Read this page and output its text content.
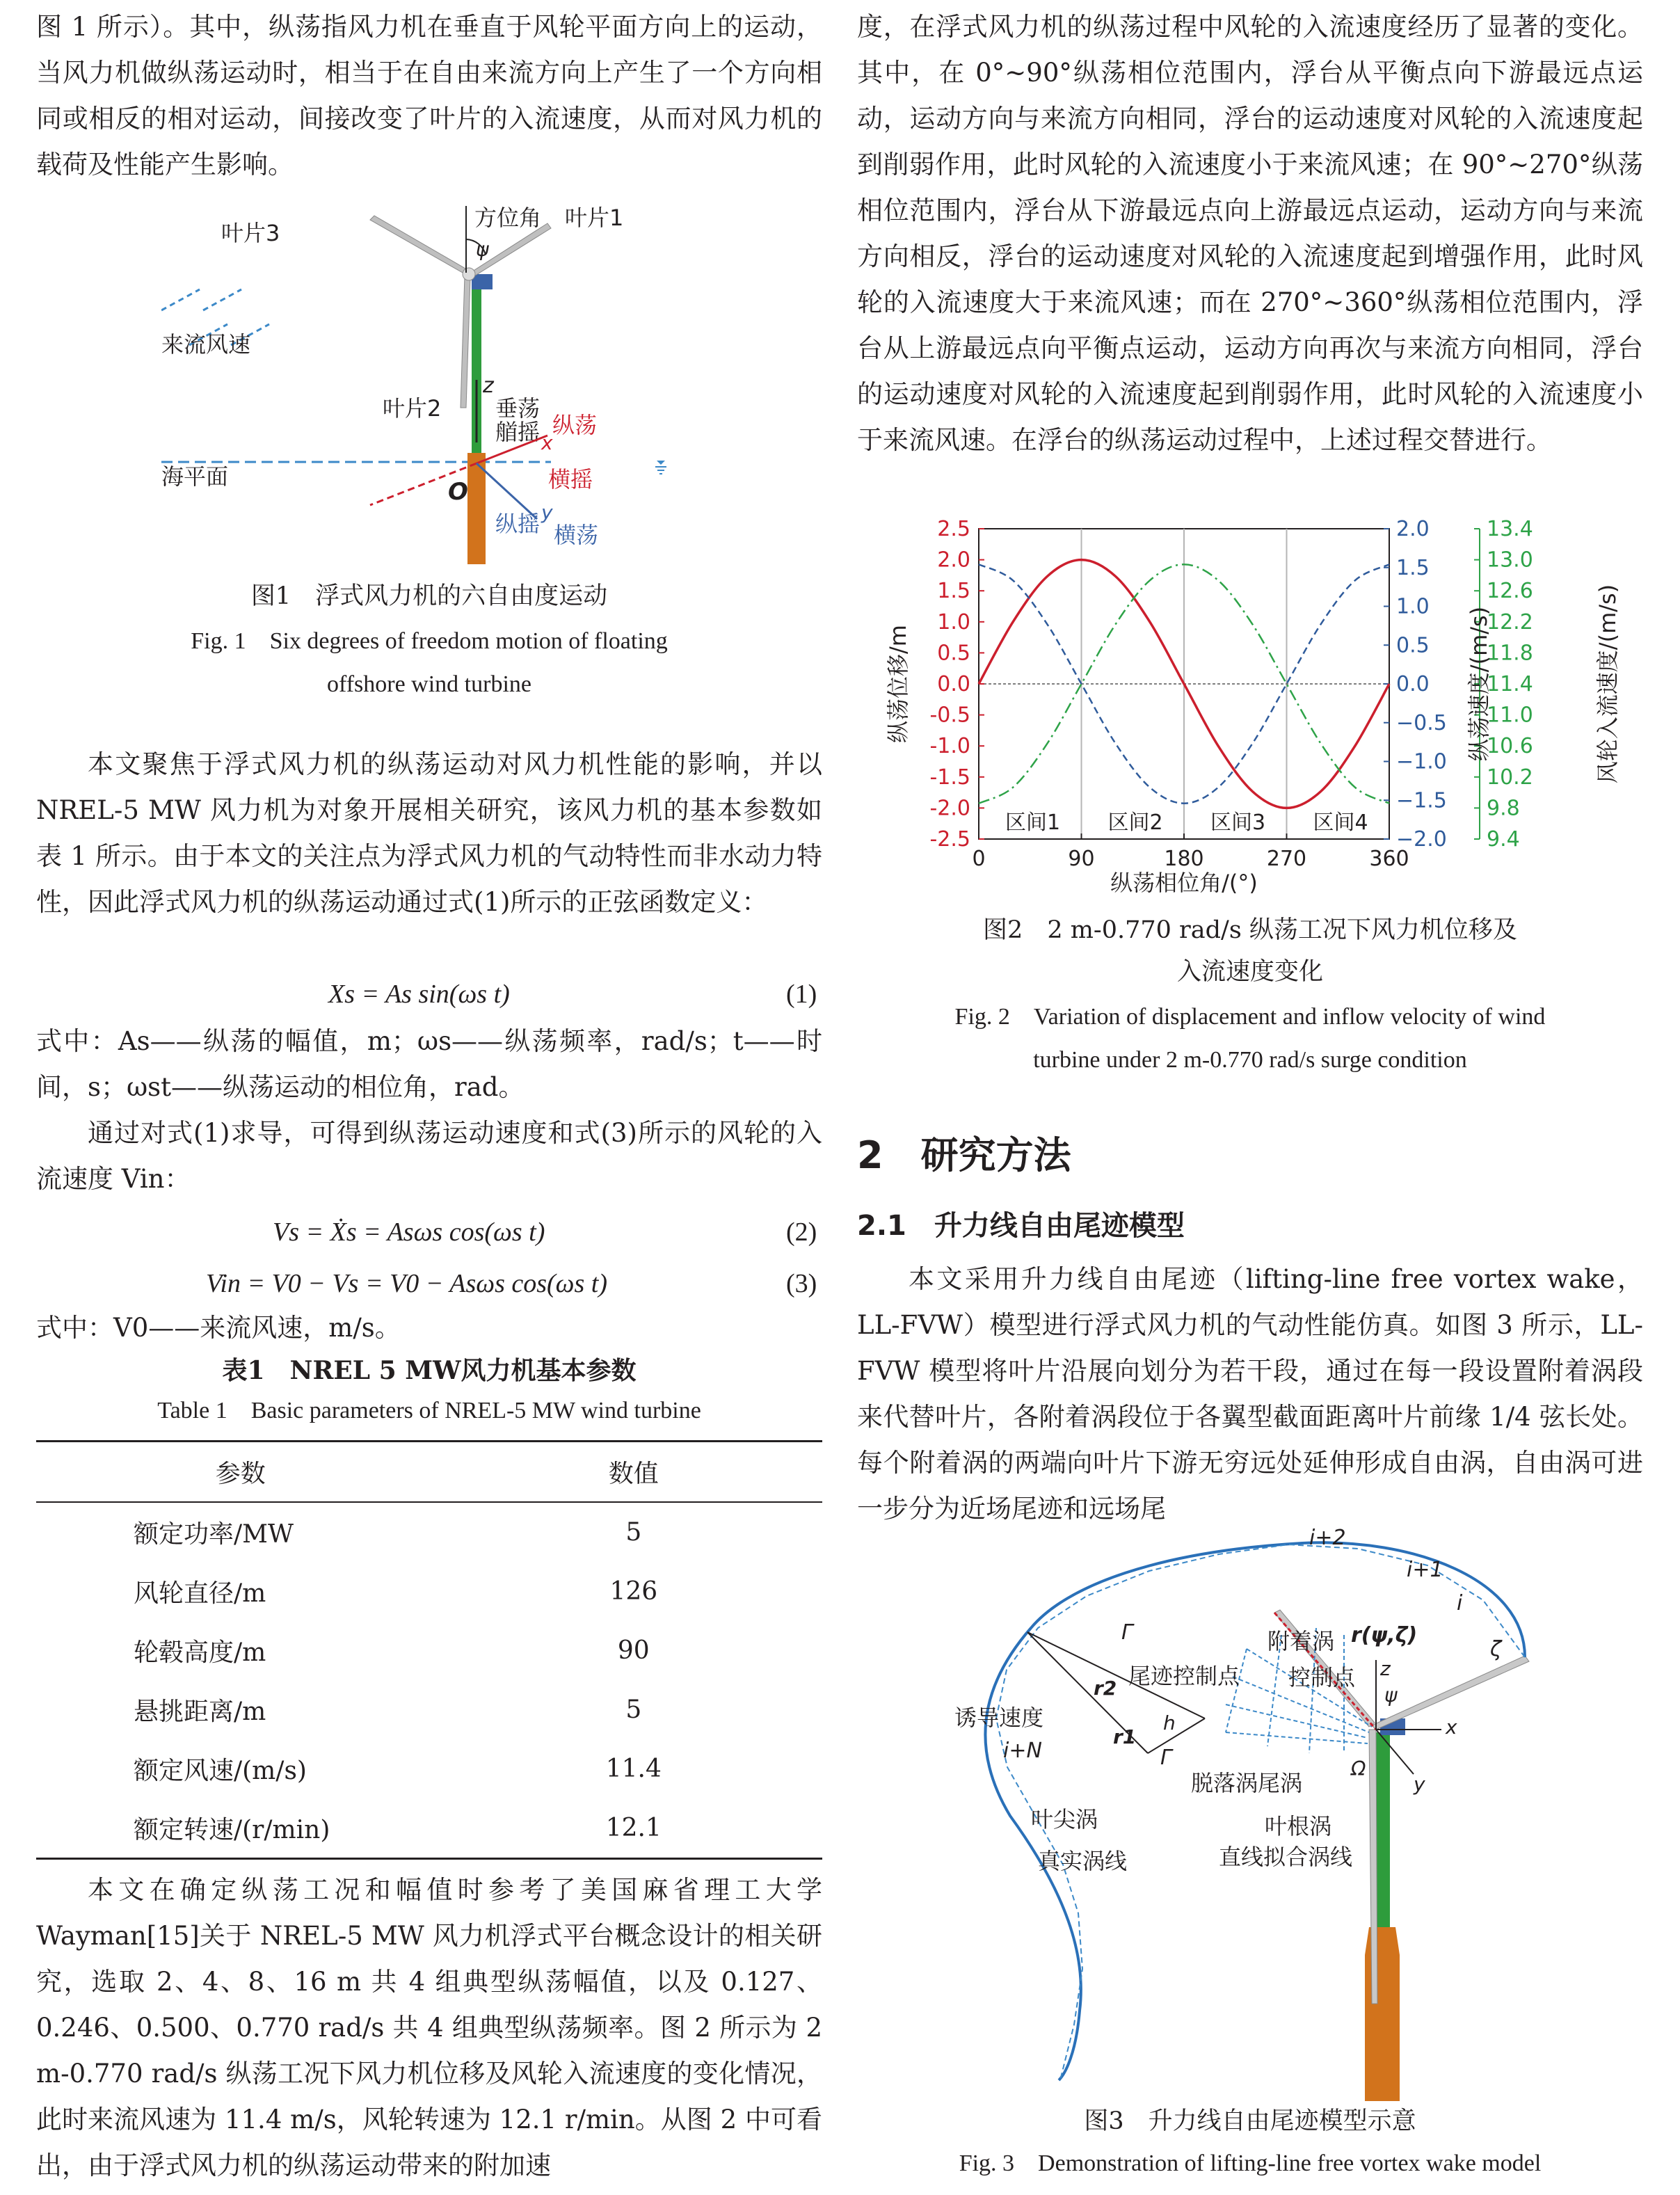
图 1 所示）。其中，纵荡指风力机在垂直于风轮平面方向上的运动，当风力机做纵荡运动时，相当于在自由来流方向上产生了一个方向相同或相反的相对运动，间接改变了叶片的入流速度，从而对风力机的载荷及性能产生影响。

叶片3
方位角 叶片1
ψ
来流风速
叶片2
z
垂荡
艏摇 纵荡
x
海平面	横摇
O
纵摇 y
横荡
图1　浮式风力机的六自由度运动
Fig. 1　Six degrees of freedom motion of floating
offshore wind turbine

本文聚焦于浮式风力机的纵荡运动对风力机性能的影响，并以 NREL-5 MW 风力机为对象开展相关研究，该风力机的基本参数如表 1 所示。由于本文的关注点为浮式风力机的气动特性而非水动力特性，因此浮式风力机的纵荡运动通过式(1)所示的正弦函数定义：

Xs = As sin(ωs t)	(1)

式中：As——纵荡的幅值，m；ωs——纵荡频率，rad/s；t——时间，s；ωst——纵荡运动的相位角，rad。

通过对式(1)求导，可得到纵荡运动速度和式(3)所示的风轮的入流速度 Vin：

Vs = Ẋs = Asωs cos(ωs t)	(2)
Vin = V0 − Vs = V0 − Asωs cos(ωs t)	(3)

式中：V0——来流风速，m/s。

表1　NREL 5 MW风力机基本参数
Table 1　Basic parameters of NREL-5 MW wind turbine
参数	数值
额定功率/MW	5
风轮直径/m	126
轮毂高度/m	90
悬挑距离/m	5
额定风速/(m/s)	11.4
额定转速/(r/min)	12.1

本文在确定纵荡工况和幅值时参考了美国麻省理工大学 Wayman[15]关于 NREL-5 MW 风力机浮式平台概念设计的相关研究，选取 2、4、8、16 m 共 4 组典型纵荡幅值，以及 0.127、0.246、0.500、0.770 rad/s 共 4 组典型纵荡频率。图 2 所示为 2 m-0.770 rad/s 纵荡工况下风力机位移及风轮入流速度的变化情况，此时来流风速为 11.4 m/s，风轮转速为 12.1 r/min。从图 2 中可看出，由于浮式风力机的纵荡运动带来的附加速

度，在浮式风力机的纵荡过程中风轮的入流速度经历了显著的变化。其中，在 0°~90°纵荡相位范围内，浮台从平衡点向下游最远点运动，运动方向与来流方向相同，浮台的运动速度对风轮的入流速度起到削弱作用，此时风轮的入流速度小于来流风速；在 90°~270°纵荡相位范围内，浮台从下游最远点向上游最远点运动，运动方向与来流方向相反，浮台的运动速度对风轮的入流速度起到增强作用，此时风轮的入流速度大于来流风速；而在 270°~360°纵荡相位范围内，浮台从上游最远点向平衡点运动，运动方向再次与来流方向相同，浮台的运动速度对风轮的入流速度起到削弱作用，此时风轮的入流速度小于来流风速。在浮台的纵荡运动过程中，上述过程交替进行。

0	90	180	270	360
2.5
2.0
1.5
1.0
0.5
0.0
-0.5
-1.0
-1.5
-2.0
-2.5
2.0
1.5
1.0
0.5
0.0
−0.5
−1.0
−1.5
−2.0
13.4
13.0
12.6
12.2
11.8
11.4
11.0
10.6
10.2
9.8
9.4
纵荡相位角/(°)
区间1 区间2 区间3 区间4
纵荡位移/m	纵荡速度/(m/s)	风轮入流速度/(m/s)
图2　2 m-0.770 rad/s 纵荡工况下风力机位移及
入流速度变化
Fig. 2　Variation of displacement and inflow velocity of wind
turbine under 2 m-0.770 rad/s surge condition
2　研究方法
2.1　升力线自由尾迹模型

本文采用升力线自由尾迹（lifting-line free vortex wake，LL-FVW）模型进行浮式风力机的气动性能仿真。如图 3 所示，LL-FVW 模型将叶片沿展向划分为若干段，通过在每一段设置附着涡段来代替叶片，各附着涡段位于各翼型截面距离叶片前缘 1/4 弦长处。每个附着涡的两端向叶片下游无穷远处延伸形成自由涡，自由涡可进一步分为近场尾迹和远场尾

i+2
i+1
i
Γ	附着涡 r(ψ,ζ)
ζ
尾迹控制点 控制点 z
ψ
x
诱导速度
r2
h
r1
i+N	Γ
脱落涡尾涡
Ω
y
叶尖涡	叶根涡
真实涡线	直线拟合涡线
图3　升力线自由尾迹模型示意
Fig. 3　Demonstration of lifting-line free vortex wake model
